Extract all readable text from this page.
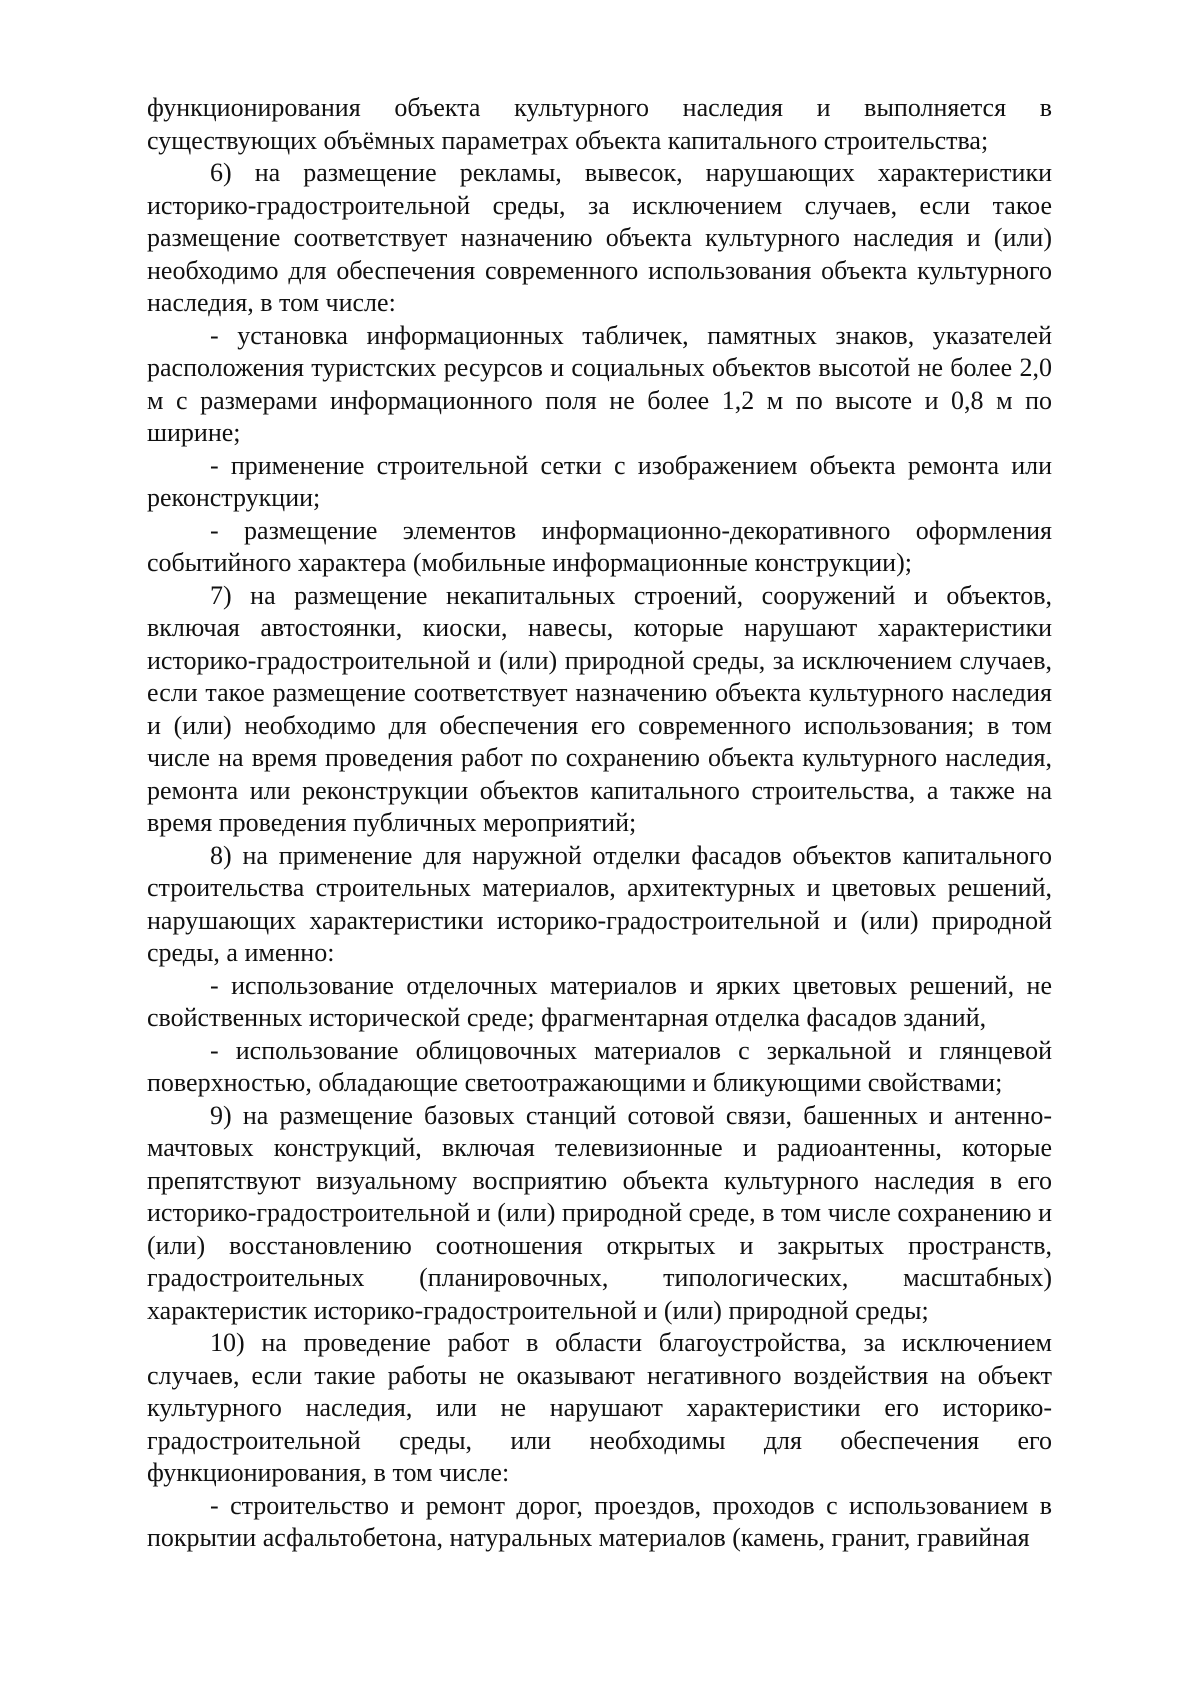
функционирования объекта культурного наследия и выполняется в существующих объёмных параметрах объекта капитального строительства;

6) на размещение рекламы, вывесок, нарушающих характеристики историко-градостроительной среды, за исключением случаев, если такое размещение соответствует назначению объекта культурного наследия и (или) необходимо для обеспечения современного использования объекта культурного наследия, в том числе:

- установка информационных табличек, памятных знаков, указателей расположения туристских ресурсов и социальных объектов высотой не более 2,0 м с размерами информационного поля не более 1,2 м по высоте и 0,8 м по ширине;

- применение строительной сетки с изображением объекта ремонта или реконструкции;

- размещение элементов информационно-декоративного оформления событийного характера (мобильные информационные конструкции);

7) на размещение некапитальных строений, сооружений и объектов, включая автостоянки, киоски, навесы, которые нарушают характеристики историко-градостроительной и (или) природной среды, за исключением случаев, если такое размещение соответствует назначению объекта культурного наследия и (или) необходимо для обеспечения его современного использования; в том числе на время проведения работ по сохранению объекта культурного наследия, ремонта или реконструкции объектов капитального строительства, а также на время проведения публичных мероприятий;

8) на применение для наружной отделки фасадов объектов капитального строительства строительных материалов, архитектурных и цветовых решений, нарушающих характеристики историко-градостроительной и (или) природной среды, а именно:

- использование отделочных материалов и ярких цветовых решений, не свойственных исторической среде; фрагментарная отделка фасадов зданий,

- использование облицовочных материалов с зеркальной и глянцевой поверхностью, обладающие светоотражающими и бликующими свойствами;

9) на размещение базовых станций сотовой связи, башенных и антенно-мачтовых конструкций, включая телевизионные и радиоантенны, которые препятствуют визуальному восприятию объекта культурного наследия в его историко-градостроительной и (или) природной среде, в том числе сохранению и (или) восстановлению соотношения открытых и закрытых пространств, градостроительных (планировочных, типологических, масштабных) характеристик историко-градостроительной и (или) природной среды;

10) на проведение работ в области благоустройства, за исключением случаев, если такие работы не оказывают негативного воздействия на объект культурного наследия, или не нарушают характеристики его историко-градостроительной среды, или необходимы для обеспечения его функционирования, в том числе:

- строительство и ремонт дорог, проездов, проходов с использованием в покрытии асфальтобетона, натуральных материалов (камень, гранит, гравийная
